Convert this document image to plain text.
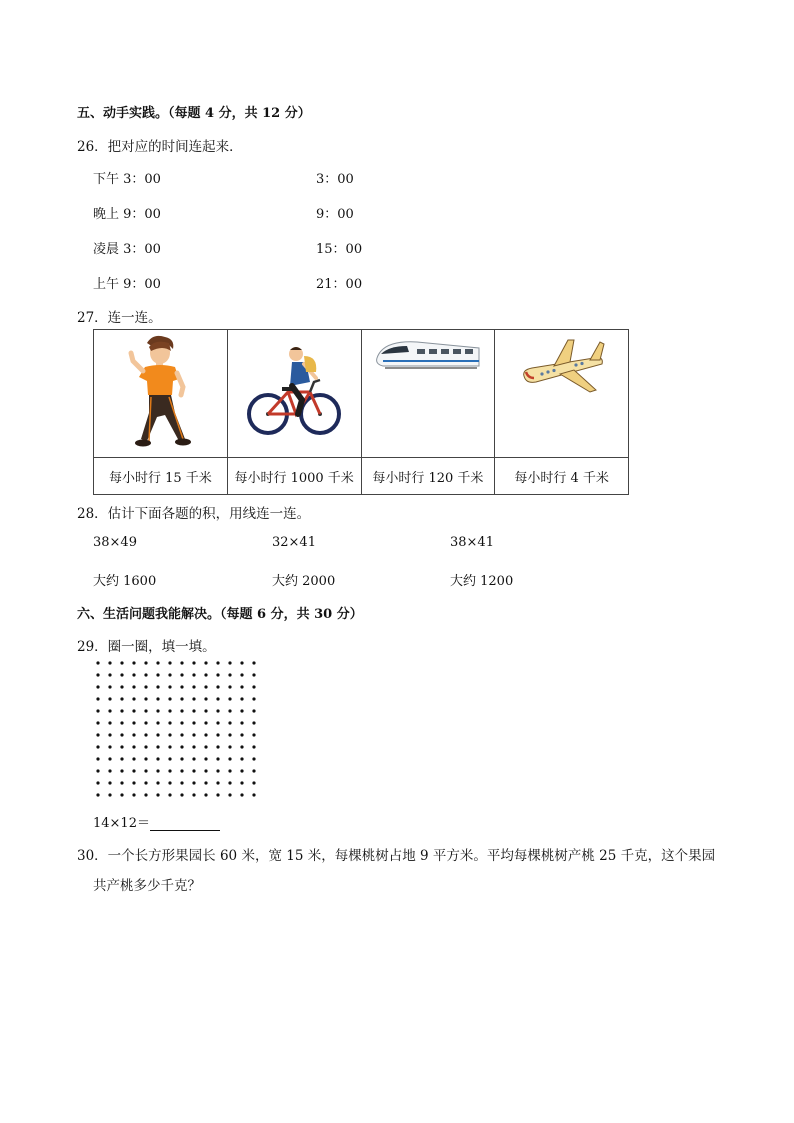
五、动手实践。（每题 4 分，共 12 分）
26．把对应的时间连起来．
下午 3：00
晚上 9：00
凌晨 3：00
上午 9：00
3：00
9：00
15：00
21：00
27．连一连。

每小时行 15 千米	每小时行 1000 千米	每小时行 120 千米	每小时行 4 千米
28．估计下面各题的积，用线连一连。
38×49	32×41	38×41
大约 1600	大约 2000	大约 1200
六、生活问题我能解决。（每题 6 分，共 30 分）
29．圈一圈，填一填。
14×12＝
30．一个长方形果园长 60 米，宽 15 米，每棵桃树占地 9 平方米。平均每棵桃树产桃 25 千克，这个果园
共产桃多少千克？
